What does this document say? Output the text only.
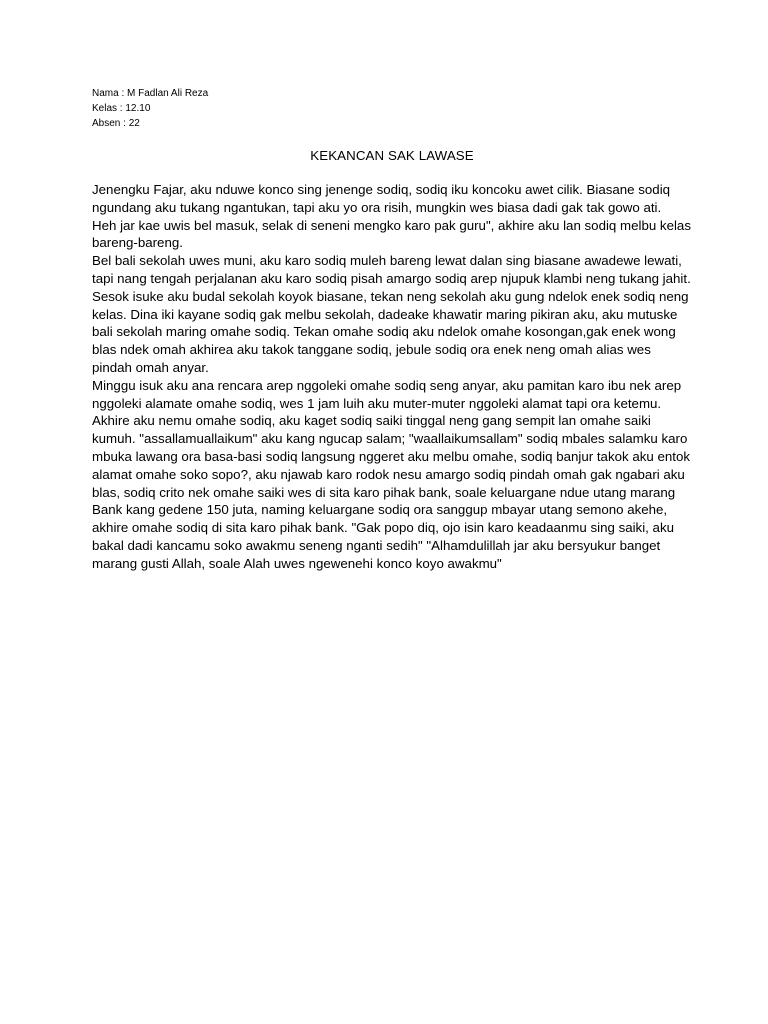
Nama : M Fadlan Ali Reza
Kelas : 12.10
Absen : 22
KEKANCAN SAK LAWASE

Jenengku Fajar, aku nduwe konco sing jenenge sodiq, sodiq iku koncoku awet cilik. Biasane sodiq ngundang aku tukang ngantukan, tapi aku yo ora risih, mungkin wes biasa dadi gak tak gowo ati.

Heh jar kae uwis bel masuk, selak di seneni mengko karo pak guru", akhire aku lan sodiq melbu kelas bareng-bareng.

Bel bali sekolah uwes muni, aku karo sodiq muleh bareng lewat dalan sing biasane awadewe lewati, tapi nang tengah perjalanan aku karo sodiq pisah amargo sodiq arep njupuk klambi neng tukang jahit. Sesok isuke aku budal sekolah koyok biasane, tekan neng sekolah aku gung ndelok enek sodiq neng kelas. Dina iki kayane sodiq gak melbu sekolah, dadeake khawatir maring pikiran aku, aku mutuske bali sekolah maring omahe sodiq. Tekan omahe sodiq aku ndelok omahe kosongan,gak enek wong blas ndek omah akhirea aku takok tanggane sodiq, jebule sodiq ora enek neng omah alias wes pindah omah anyar.

Minggu isuk aku ana rencara arep nggoleki omahe sodiq seng anyar, aku pamitan karo ibu nek arep nggoleki alamate omahe sodiq, wes 1 jam luih aku muter-muter nggoleki alamat tapi ora ketemu. Akhire aku nemu omahe sodiq, aku kaget sodiq saiki tinggal neng gang sempit lan omahe saiki kumuh. "assallamuallaikum" aku kang ngucap salam; "waallaikumsallam" sodiq mbales salamku karo mbuka lawang ora basa-basi sodiq langsung nggeret aku melbu omahe, sodiq banjur takok aku entok alamat omahe soko sopo?, aku njawab karo rodok nesu amargo sodiq pindah omah gak ngabari aku blas, sodiq crito nek omahe saiki wes di sita karo pihak bank, soale keluargane ndue utang marang Bank kang gedene 150 juta, naming keluargane sodiq ora sanggup mbayar utang semono akehe, akhire omahe sodiq di sita karo pihak bank. "Gak popo diq, ojo isin karo keadaanmu sing saiki, aku bakal dadi kancamu soko awakmu seneng nganti sedih" "Alhamdulillah jar aku bersyukur banget marang gusti Allah, soale Alah uwes ngewenehi konco koyo awakmu"
